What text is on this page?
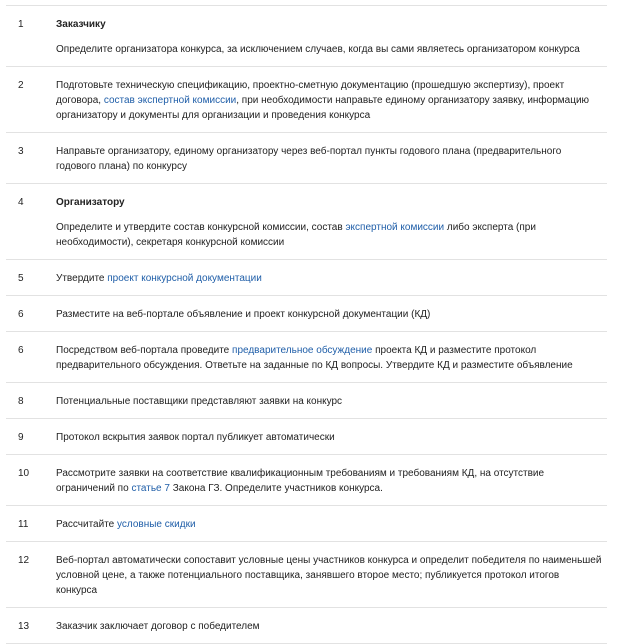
1	Заказчику

Определите организатора конкурса, за исключением случаев, когда вы сами являетесь организатором конкурса

2	Подготовьте техническую спецификацию, проектно-сметную документацию (прошедшую экспертизу), проект договора, состав экспертной комиссии, при необходимости направьте единому организатору заявку, информацию организатору и документы для организации и проведения конкурса

3	Направьте организатору, единому организатору через веб-портал пункты годового плана (предварительного годового плана) по конкурсу

4	Организатору

Определите и утвердите состав конкурсной комиссии, состав экспертной комиссии либо эксперта (при необходимости), секретаря конкурсной комиссии

5	Утвердите проект конкурсной документации

6	Разместите на веб-портале объявление и проект конкурсной документации (КД)

6	Посредством веб-портала проведите предварительное обсуждение проекта КД и разместите протокол предварительного обсуждения. Ответьте на заданные по КД вопросы. Утвердите КД и разместите объявление

8	Потенциальные поставщики представляют заявки на конкурс

9	Протокол вскрытия заявок портал публикует автоматически

10	Рассмотрите заявки на соответствие квалификационным требованиям и требованиям КД, на отсутствие ограничений по статье 7 Закона ГЗ. Определите участников конкурса.

11	Рассчитайте условные скидки

12	Веб-портал автоматически сопоставит условные цены участников конкурса и определит победителя по наименьшей условной цене, а также потенциального поставщика, занявшего второе место; публикуется протокол итогов конкурса

13	Заказчик заключает договор с победителем
